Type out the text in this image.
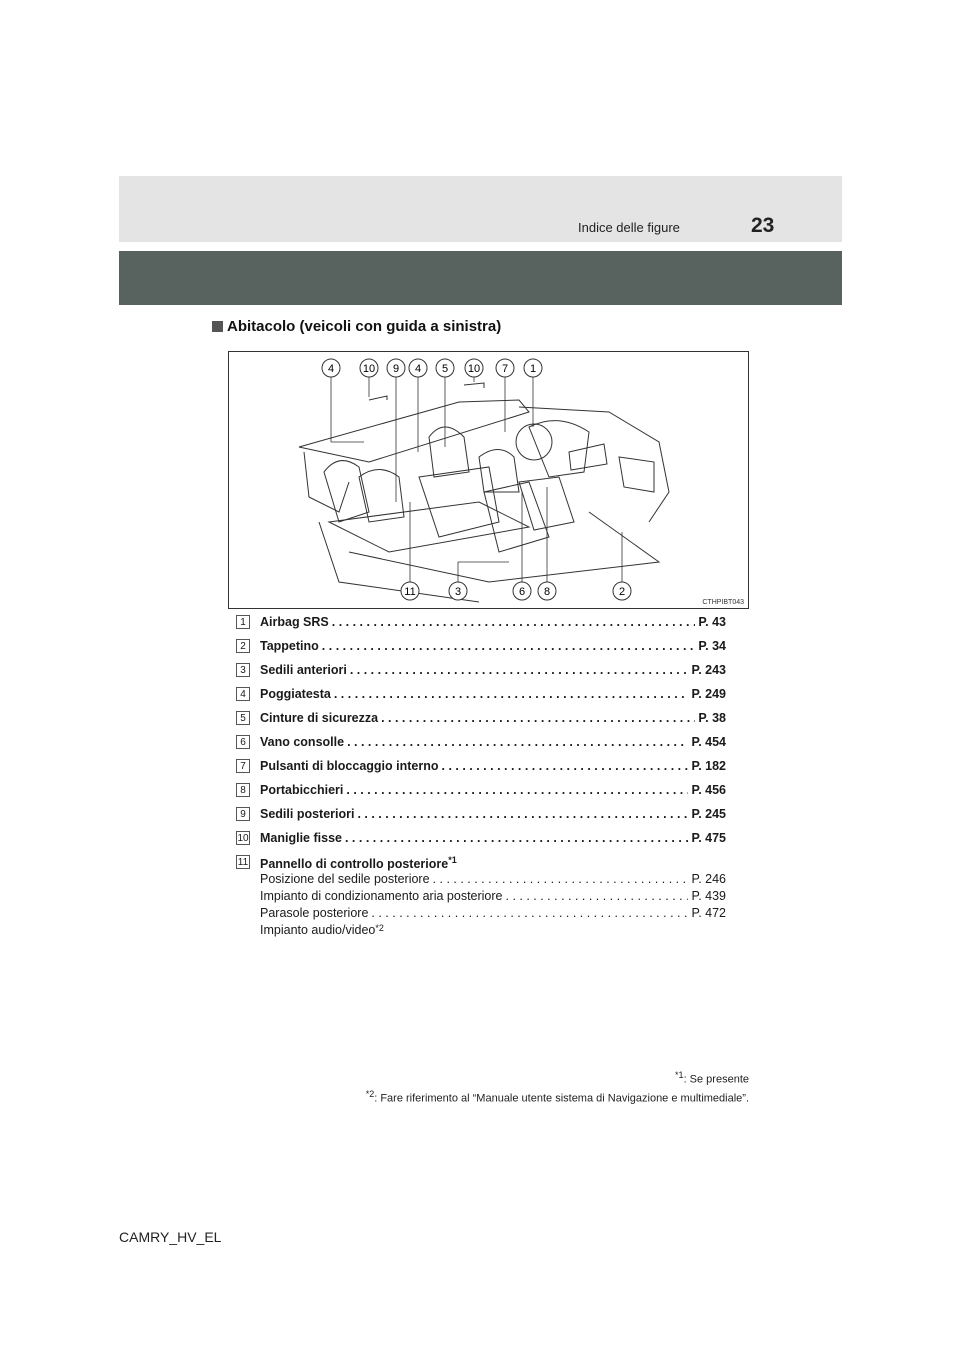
Indice delle figure	23
Abitacolo (veicoli con guida a sinistra)
4	10 9 4 5 10 7 1
11	3	6 8	2
CTHPIBT043
1	Airbag SRS . . .	P. 43
2	Tappetino . . .	P. 34
3	Sedili anteriori . . .	P. 243
4	Poggiatesta . . .	P. 249
5	Cinture di sicurezza . . .	P. 38
6	Vano consolle . . .	P. 454
7	Pulsanti di bloccaggio interno . . .	P. 182
8	Portabicchieri . . .	P. 456
9	Sedili posteriori . . .	P. 245
10 Maniglie fisse . . .	P. 475
11 Pannello di controllo posteriore$^{*1}$
Posizione del sedile posteriore . . .	P. 246
Impianto di condizionamento aria posteriore . . .	P. 439
Parasole posteriore . . .	P. 472
Impianto audio/video *2
$^{*1}$: Se presente
$^{*2}$: Fare riferimento al “Manuale utente sistema di Navigazione e multimediale”.
CAMRY_HV_EL
